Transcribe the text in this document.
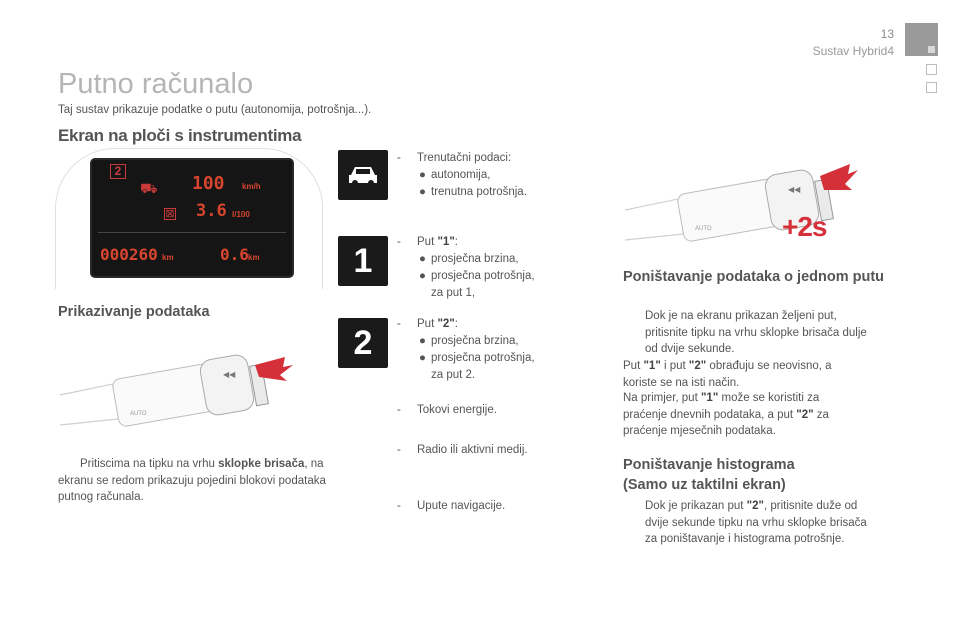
13
Sustav Hybrid4
Putno računalo
Taj sustav prikazuje podatke o putu (autonomija, potrošnja...).
Ekran na ploči s instrumentima
2
⛟ 100 km/h
⊠ 3.6 l/100
000260 km	0.6 km
Prikazivanje podataka
◀◀
AUTO
Pritiscima na tipku na vrhu sklopke brisača, na ekranu se redom prikazuju pojedini blokovi podataka putnog računala.
1
2
- Trenutačni podaci:
● autonomija,
● trenutna potrošnja.
- Put "1":
● prosječna brzina,
● prosječna potrošnja,
za put 1,
- Put "2":
● prosječna brzina,
● prosječna potrošnja,
za put 2.
- Tokovi energije.
- Radio ili aktivni medij.
- Upute navigacije.
◀◀
AUTO	+2s
Poništavanje podataka o jednom putu
Dok je na ekranu prikazan željeni put, pritisnite tipku na vrhu sklopke brisača dulje od dvije sekunde.
Put "1" i put "2" obrađuju se neovisno, a koriste se na isti način.
Na primjer, put "1" može se koristiti za praćenje dnevnih podataka, a put "2" za praćenje mjesečnih podataka.
Poništavanje histograma
(Samo uz taktilni ekran)
Dok je prikazan put "2", pritisnite duže od dvije sekunde tipku na vrhu sklopke brisača za poništavanje i histograma potrošnje.
